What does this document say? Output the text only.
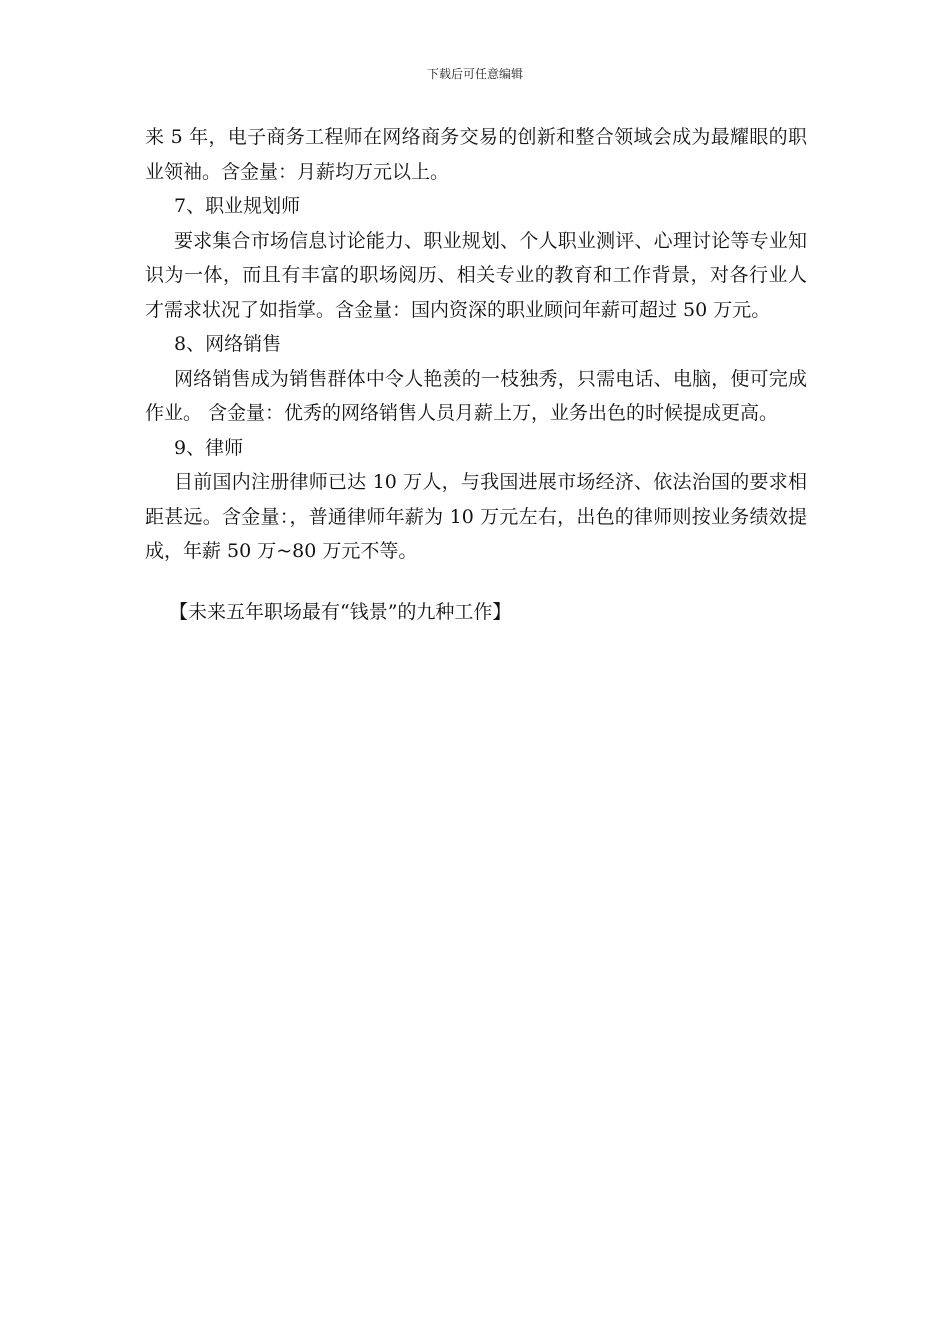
下载后可任意编辑

来 5 年，电子商务工程师在网络商务交易的创新和整合领域会成为最耀眼的职业领袖。含金量：月薪均万元以上。

7、职业规划师

要求集合市场信息讨论能力、职业规划、个人职业测评、心理讨论等专业知识为一体，而且有丰富的职场阅历、相关专业的教育和工作背景，对各行业人才需求状况了如指掌。含金量：国内资深的职业顾问年薪可超过 50 万元。

8、网络销售

网络销售成为销售群体中令人艳羡的一枝独秀，只需电话、电脑，便可完成作业。 含金量：优秀的网络销售人员月薪上万，业务出色的时候提成更高。

9、律师

目前国内注册律师已达 10 万人，与我国进展市场经济、依法治国的要求相距甚远。含金量：，普通律师年薪为 10 万元左右，出色的律师则按业务绩效提成，年薪 50 万~80 万元不等。

【未来五年职场最有“钱景”的九种工作】
